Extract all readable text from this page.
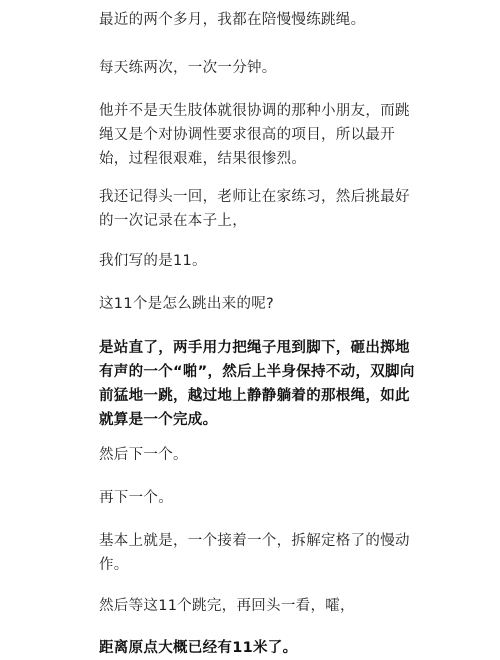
最近的两个多月，我都在陪慢慢练跳绳。

每天练两次，一次一分钟。

他并不是天生肢体就很协调的那种小朋友，而跳
绳又是个对协调性要求很高的项目，所以最开
始，过程很艰难，结果很惨烈。

我还记得头一回，老师让在家练习，然后挑最好
的一次记录在本子上，

我们写的是11。

这11个是怎么跳出来的呢?

是站直了，两手用力把绳子甩到脚下，砸出掷地
有声的一个“啪”，然后上半身保持不动，双脚向
前猛地一跳，越过地上静静躺着的那根绳，如此
就算是一个完成。

然后下一个。

再下一个。

基本上就是，一个接着一个，拆解定格了的慢动
作。

然后等这11个跳完，再回头一看，嚯，

距离原点大概已经有11米了。
